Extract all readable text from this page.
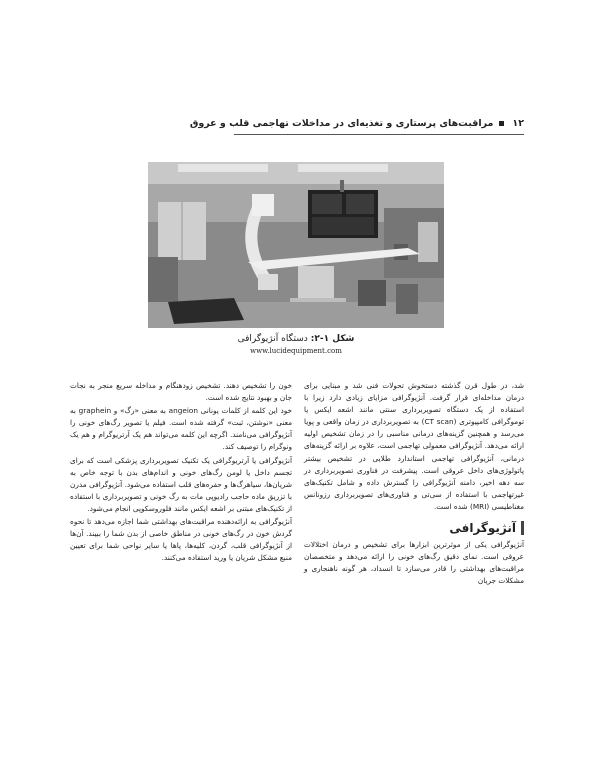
١٢مراقبت‌های پرستاری و تغذیه‌ای در مداخلات تهاجمی قلب و عروق
شکل ۱-۲:دستگاه آنژیوگرافی
www.lucidequipment.com

شد، در طول قرن گذشته دستخوش تحولات فنی شد و مبنایی برای درمان مداخله‌ای قرار گرفت. آنژیوگرافی مزایای زیادی دارد زیرا با استفاده از یک دستگاه تصویربرداری سنتی مانند اشعه ایکس یا توموگرافی کامپیوتری (CT scan) به تصویربرداری در زمان واقعی و پویا می‌رسد و همچنین گزینه‌های درمانی مناسبی را در زمان تشخیص اولیه ارائه می‌دهد. آنژیوگرافی معمولی تهاجمی است، علاوه بر ارائه گزینه‌های درمانی، آنژیوگرافی تهاجمی استاندارد طلایی در تشخیص بیشتر پاتولوژی‌های داخل عروقی است. پیشرفت در فناوری تصویربرداری در سه دهه اخیر، دامنه آنژیوگرافی را گسترش داده و شامل تکنیک‌های غیرتهاجمی با استفاده از سی‌تی و فناوری‌های تصویربرداری رزونانس مغناطیسی (MRI) شده است.

آنژیوگرافی

آنژیوگرافی یکی از موثرترین ابزارها برای تشخیص و درمان اختلالات عروقی است. نمای دقیق رگ‌های خونی را ارائه می‌دهد و متخصصان مراقبت‌های بهداشتی را قادر می‌سازد تا انسداد، هر گونه ناهنجاری و مشکلات جریان

خون را تشخیص دهند. تشخیص زودهنگام و مداخله سریع منجر به نجات جان و بهبود نتایج شده است.

خود این کلمه از کلمات یونانی angeion به معنی «رگ» و graphein به معنی «نوشتن، ثبت» گرفته شده است. فیلم یا تصویر رگ‌های خونی را آنژیوگرافی می‌نامند. اگرچه این کلمه می‌تواند هم یک آرتریوگرام و هم یک ونوگرام را توصیف کند.

آنژیوگرافی یا آرتریوگرافی یک تکنیک تصویربرداری پزشکی است که برای تجسم داخل یا لومن رگ‌های خونی و اندام‌های بدن با توجه خاص به شریان‌ها، سیاهرگ‌ها و حفره‌های قلب استفاده می‌شود. آنژیوگرافی مدرن با تزریق ماده حاجب رادیوپی مات به رگ خونی و تصویربرداری با استفاده از تکنیک‌های مبتنی بر اشعه ایکس مانند فلوروسکوپی انجام می‌شود.

آنژیوگرافی به ارائه‌دهنده مراقبت‌های بهداشتی شما اجازه می‌دهد تا نحوه گردش خون در رگ‌های خونی در مناطق خاصی از بدن شما را ببیند. آن‌ها از آنژیوگرافی قلب، گردن، کلیه‌ها، پاها یا سایر نواحی شما برای تعیین منبع مشکل شریان یا ورید استفاده می‌کنند.
